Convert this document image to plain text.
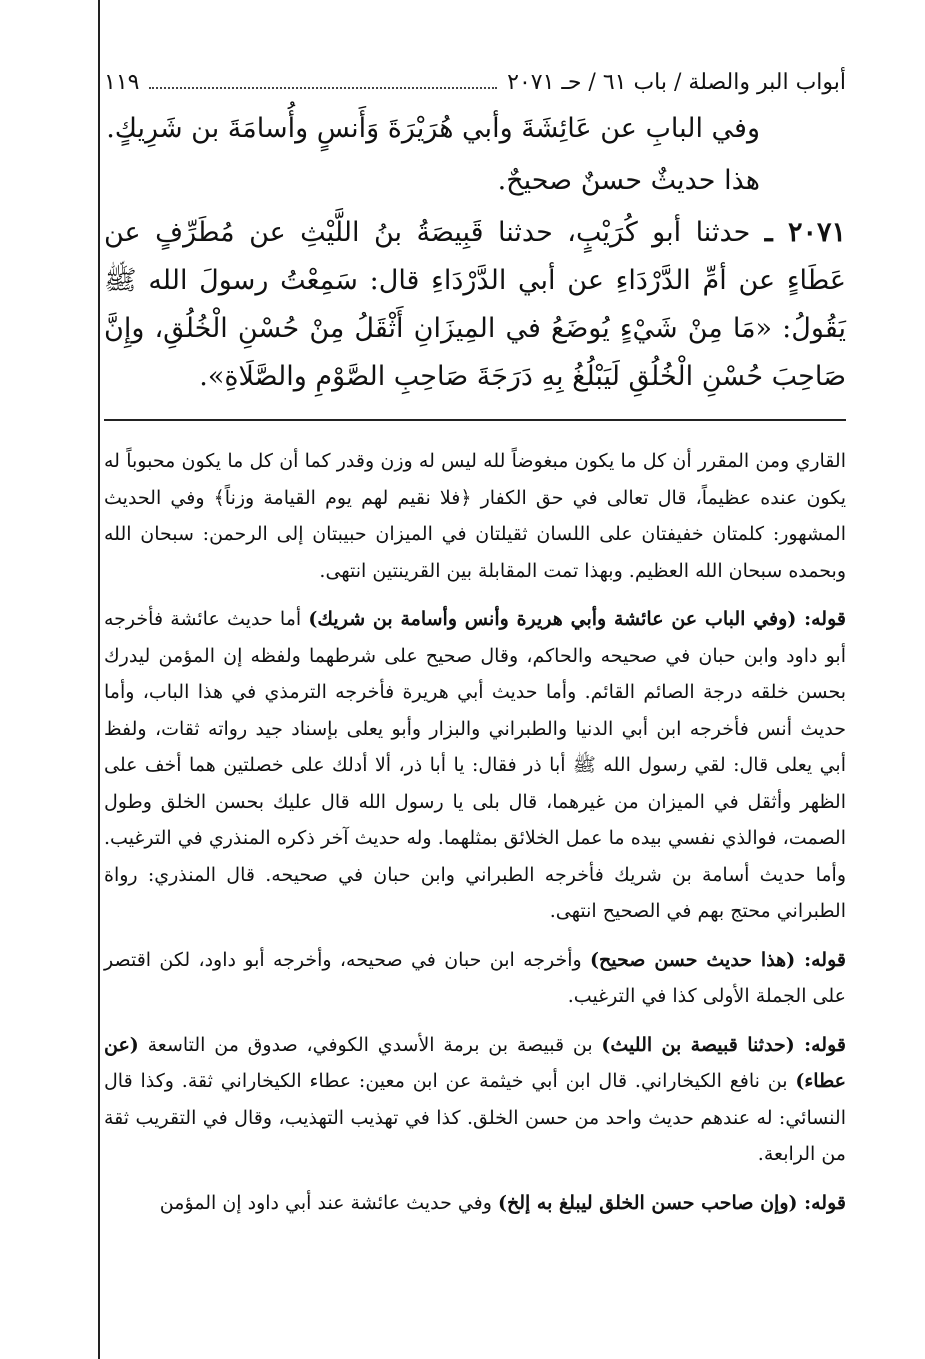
أبواب البر والصلة / باب ٦١ / حـ ٢٠٧١
١١٩

وفي البابِ عن عَائِشَةَ وأبي هُرَيْرَةَ وَأَنسٍ وأُسامَةَ بن شَرِيكٍ.

هذا حديثٌ حسنٌ صحيحٌ.

٢٠٧١ ـ حدثنا أبو كُرَيْبٍ، حدثنا قَبِيصَةُ بنُ اللَّيْثِ عن مُطَرِّفٍ عن عَطَاءٍ عن أمِّ الدَّرْدَاءِ عن أبي الدَّرْدَاءِ قال: سَمِعْتُ رسولَ الله ﷺ يَقُولُ: «مَا مِنْ شَيْءٍ يُوضَعُ في المِيزَانِ أَثْقَلُ مِنْ حُسْنِ الْخُلُقِ، وإِنَّ صَاحِبَ حُسْنِ الْخُلُقِ لَيَبْلُغُ بِهِ دَرَجَةَ صَاحِبِ الصَّوْمِ والصَّلَاةِ».

القاري ومن المقرر أن كل ما يكون مبغوضاً لله ليس له وزن وقدر كما أن كل ما يكون محبوباً له يكون عنده عظيماً، قال تعالى في حق الكفار ﴿فلا نقيم لهم يوم القيامة وزناً﴾ وفي الحديث المشهور: كلمتان خفيفتان على اللسان ثقيلتان في الميزان حبيبتان إلى الرحمن: سبحان الله وبحمده سبحان الله العظيم. وبهذا تمت المقابلة بين القرينتين انتهى.

قوله: (وفي الباب عن عائشة وأبي هريرة وأنس وأسامة بن شريك) أما حديث عائشة فأخرجه أبو داود وابن حبان في صحيحه والحاكم، وقال صحيح على شرطهما ولفظه إن المؤمن ليدرك بحسن خلقه درجة الصائم القائم. وأما حديث أبي هريرة فأخرجه الترمذي في هذا الباب، وأما حديث أنس فأخرجه ابن أبي الدنيا والطبراني والبزار وأبو يعلى بإسناد جيد رواته ثقات، ولفظ أبي يعلى قال: لقي رسول الله ﷺ أبا ذر فقال: يا أبا ذر، ألا أدلك على خصلتين هما أخف على الظهر وأثقل في الميزان من غيرهما، قال بلى يا رسول الله قال عليك بحسن الخلق وطول الصمت، فوالذي نفسي بيده ما عمل الخلائق بمثلهما. وله حديث آخر ذكره المنذري في الترغيب. وأما حديث أسامة بن شريك فأخرجه الطبراني وابن حبان في صحيحه. قال المنذري: رواة الطبراني محتج بهم في الصحيح انتهى.

قوله: (هذا حديث حسن صحيح) وأخرجه ابن حبان في صحيحه، وأخرجه أبو داود، لكن اقتصر على الجملة الأولى كذا في الترغيب.

قوله: (حدثنا قبيصة بن الليث) بن قبيصة بن برمة الأسدي الكوفي، صدوق من التاسعة (عن عطاء) بن نافع الكيخاراني. قال ابن أبي خيثمة عن ابن معين: عطاء الكيخاراني ثقة. وكذا قال النسائي: له عندهم حديث واحد من حسن الخلق. كذا في تهذيب التهذيب، وقال في التقريب ثقة من الرابعة.

قوله: (وإن صاحب حسن الخلق ليبلغ به إلخ) وفي حديث عائشة عند أبي داود إن المؤمن
